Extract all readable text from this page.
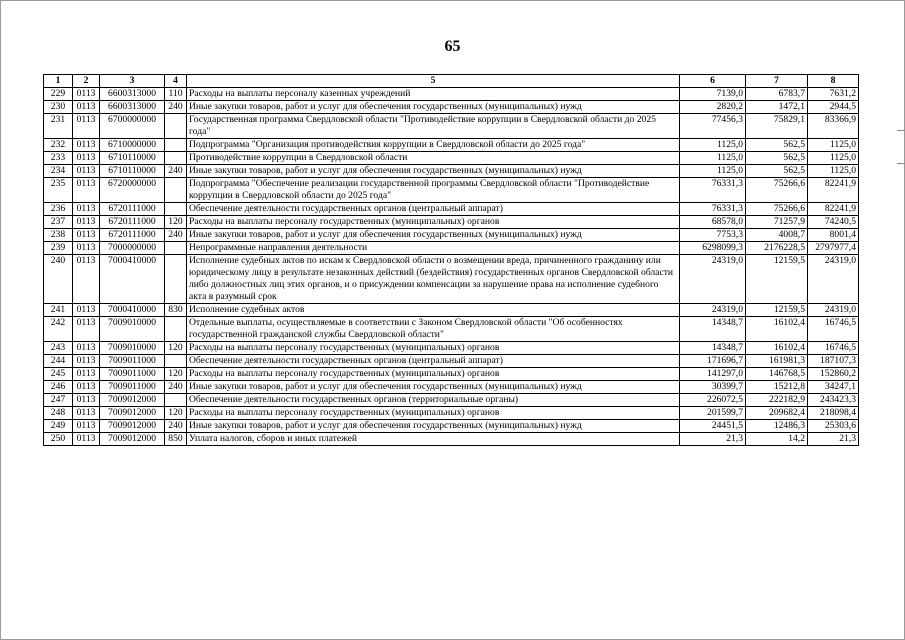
65
1	2	3	4	5	6	7	8
229	0113	6600313000	110	Расходы на выплаты персоналу казенных учреждений	7139,0	6783,7	7631,2
230	0113	6600313000	240	Иные закупки товаров, работ и услуг для обеспечения государственных (муниципальных) нужд	2820,2	1472,1	2944,5
231	0113	6700000000		Государственная программа Свердловской области "Противодействие коррупции в Свердловской области до 2025 года"	77456,3	75829,1	83366,9
232	0113	6710000000		Подпрограмма "Организация противодействия коррупции в Свердловской области до 2025 года"	1125,0	562,5	1125,0
233	0113	6710110000		Противодействие коррупции в Свердловской области	1125,0	562,5	1125,0
234	0113	6710110000	240	Иные закупки товаров, работ и услуг для обеспечения государственных (муниципальных) нужд	1125,0	562,5	1125,0
235	0113	6720000000		Подпрограмма "Обеспечение реализации государственной программы Свердловской области "Противодействие коррупции в Свердловской области до 2025 года"	76331,3	75266,6	82241,9
236	0113	6720111000		Обеспечение деятельности государственных органов (центральный аппарат)	76331,3	75266,6	82241,9
237	0113	6720111000	120	Расходы на выплаты персоналу государственных (муниципальных) органов	68578,0	71257,9	74240,5
238	0113	6720111000	240	Иные закупки товаров, работ и услуг для обеспечения государственных (муниципальных) нужд	7753,3	4008,7	8001,4
239	0113	7000000000		Непрограммные направления деятельности	6298099,3	2176228,5	2797977,4
240	0113	7000410000		Исполнение судебных актов по искам к Свердловской области о возмещении вреда, причиненного гражданину или юридическому лицу в результате незаконных действий (бездействия) государственных органов Свердловской области либо должностных лиц этих органов, и о присуждении компенсации за нарушение права на исполнение судебного акта в разумный срок	24319,0	12159,5	24319,0
241	0113	7000410000	830	Исполнение судебных актов	24319,0	12159,5	24319,0
242	0113	7009010000		Отдельные выплаты, осуществляемые в соответствии с Законом Свердловской области "Об особенностях государственной гражданской службы Свердловской области"	14348,7	16102,4	16746,5
243	0113	7009010000	120	Расходы на выплаты персоналу государственных (муниципальных) органов	14348,7	16102,4	16746,5
244	0113	7009011000		Обеспечение деятельности государственных органов (центральный аппарат)	171696,7	161981,3	187107,3
245	0113	7009011000	120	Расходы на выплаты персоналу государственных (муниципальных) органов	141297,0	146768,5	152860,2
246	0113	7009011000	240	Иные закупки товаров, работ и услуг для обеспечения государственных (муниципальных) нужд	30399,7	15212,8	34247,1
247	0113	7009012000		Обеспечение деятельности государственных органов (территориальные органы)	226072,5	222182,9	243423,3
248	0113	7009012000	120	Расходы на выплаты персоналу государственных (муниципальных) органов	201599,7	209682,4	218098,4
249	0113	7009012000	240	Иные закупки товаров, работ и услуг для обеспечения государственных (муниципальных) нужд	24451,5	12486,3	25303,6
250	0113	7009012000	850	Уплата налогов, сборов и иных платежей	21,3	14,2	21,3
